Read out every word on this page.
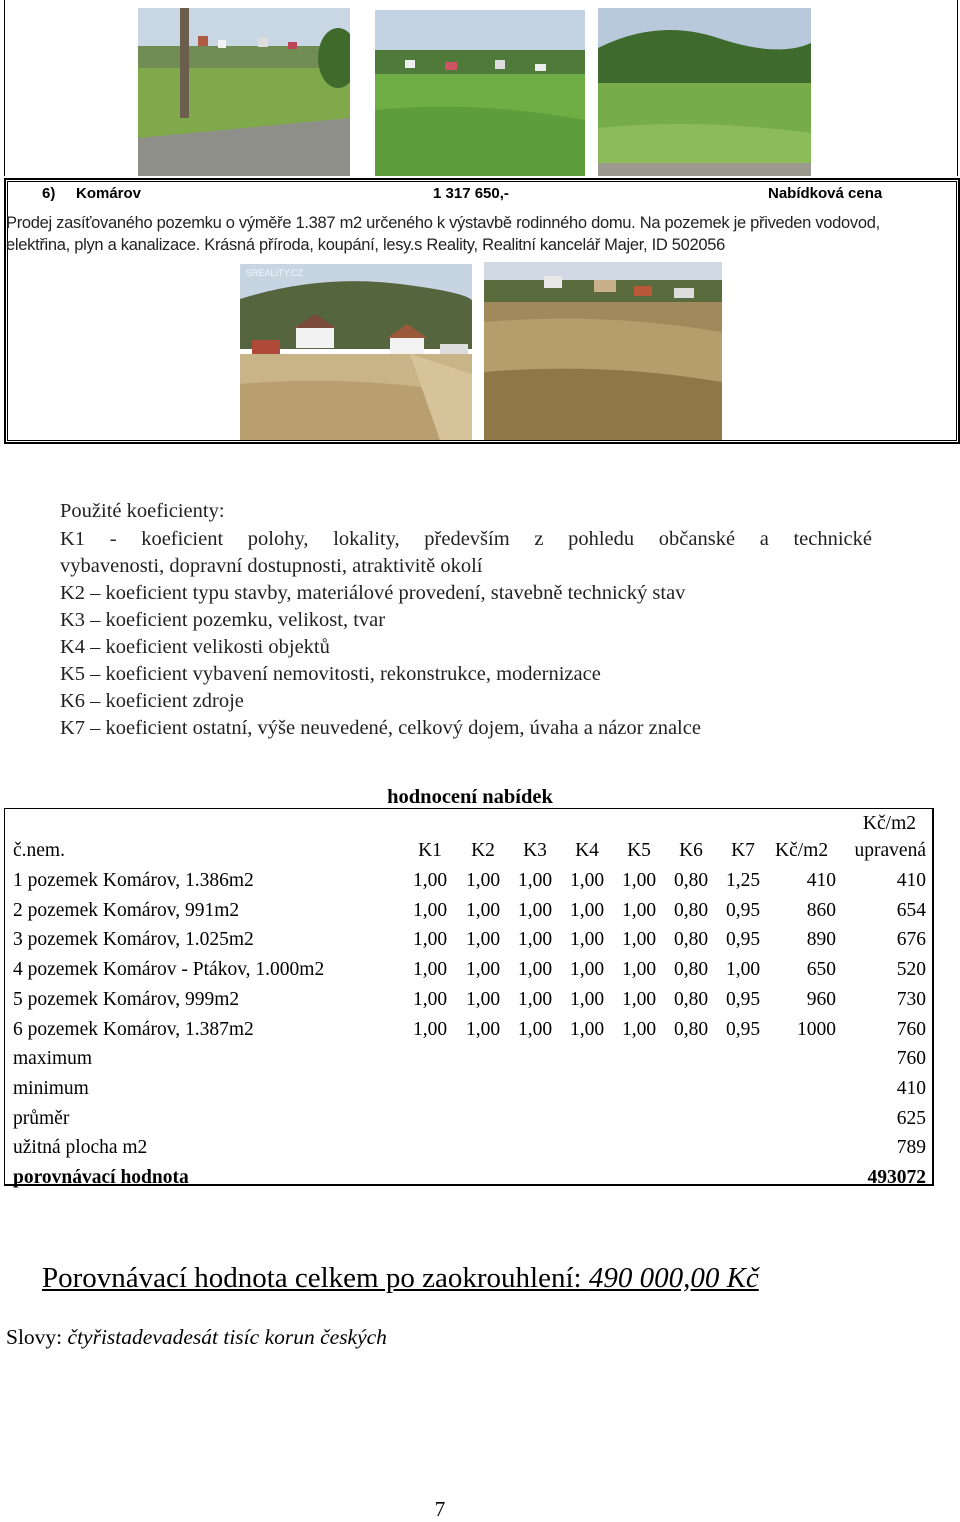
6) Komárov	1 317 650,-	Nabídková cena
Prodej zasíťovaného pozemku o výměře 1.387 m2 určeného k výstavbě rodinného domu. Na pozemek je přiveden vodovod,
elektřina, plyn a kanalizace. Krásná příroda, koupání, lesy.s Reality, Realitní kancelář Majer, ID 502056
SREALITY.CZ
Použité koeficienty:
K1 - koeficient polohy, lokality, především z pohledu občanské a technické
vybavenosti, dopravní dostupnosti, atraktivitě okolí
K2 – koeficient typu stavby, materiálové provedení, stavebně technický stav
K3 – koeficient pozemku, velikost, tvar
K4 – koeficient velikosti objektů
K5 – koeficient vybavení nemovitosti, rekonstrukce, modernizace
K6 – koeficient zdroje
K7 – koeficient ostatní, výše neuvedené, celkový dojem, úvaha a názor znalce
hodnocení nabídek
Kč/m2
č.nem.	K1	K2	K3	K4	K5	K6	K7	Kč/m2 upravená
1 pozemek Komárov, 1.386m2	1,00 1,00 1,00 1,00 1,00 0,80 1,25	410	410
2 pozemek Komárov, 991m2	1,00 1,00 1,00 1,00 1,00 0,80 0,95	860	654
3 pozemek Komárov, 1.025m2	1,00 1,00 1,00 1,00 1,00 0,80 0,95	890	676
4 pozemek Komárov - Ptákov, 1.000m2	1,00 1,00 1,00 1,00 1,00 0,80 1,00	650	520
5 pozemek Komárov, 999m2	1,00 1,00 1,00 1,00 1,00 0,80 0,95	960	730
6 pozemek Komárov, 1.387m2	1,00 1,00 1,00 1,00 1,00 0,80 0,95	1000	760
maximum	760
minimum	410
průměr	625
užitná plocha m2	789
porovnávací hodnota	493072
Porovnávací hodnota celkem po zaokrouhlení: 490 000,00 Kč
Slovy: čtyřistadevadesát tisíc korun českých
7
